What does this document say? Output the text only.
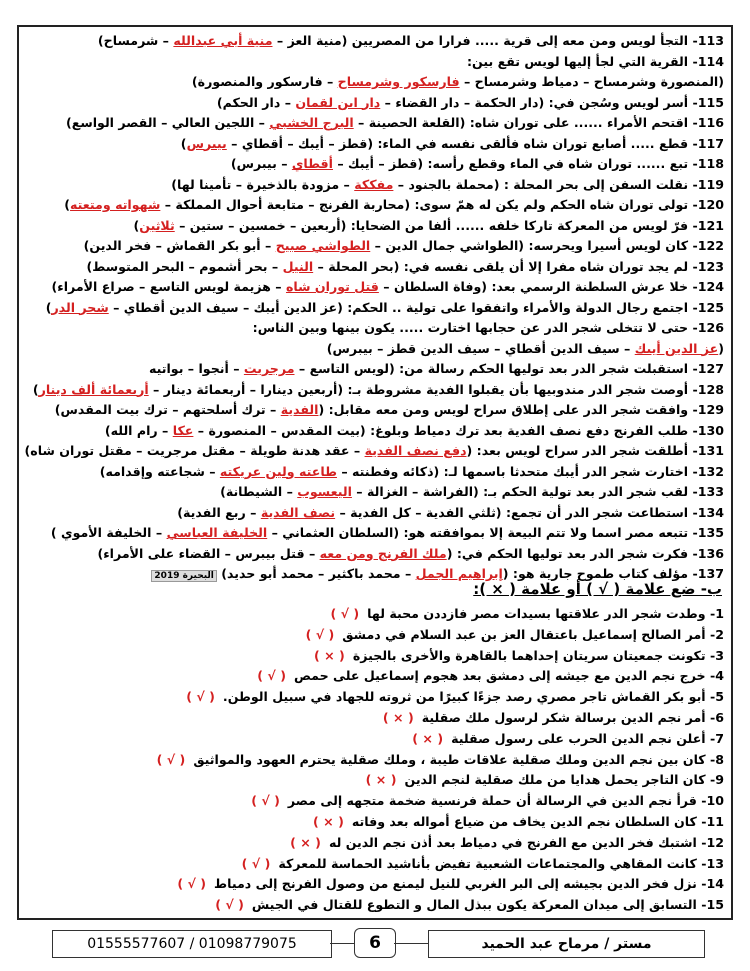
113- التجأ لويس ومن معه إلى قرية ..... فرارا من المصريين (منية العز – منية أبي عبدالله – شرمساح)
114- القرية التي لجأ إليها لويس تقع بين:
(المنصورة وشرمساح – دمياط وشرمساح – فارسكور وشرمساح – فارسكور والمنصورة)
115- أسر لويس وسُجن في: (دار الحكمة – دار القضاء – دار ابن لقمان – دار الحكم)
116- اقتحم الأمراء ...... على توران شاه: (القلعة الحصينة – البرج الخشبي – اللجين العالي – القصر الواسع)
117- قطع ..... أصابع توران شاه فألقى نفسه في الماء: (قطز – أيبك – أقطاي – بيبرس)
118- تبع ...... توران شاه في الماء وقطع رأسه: (قطز – أيبك – أقطاي – بيبرس)
119- نقلت السفن إلى بحر المحلة : (محملة بالجنود – مفككة – مزودة بالذخيرة – تأمينا لها)
120- تولى توران شاه الحكم ولم يكن له همّ سوى: (محاربة الفرنج – متابعة أحوال المملكة – شهواته ومتعته)
121- فرّ لويس من المعركة تاركا خلفه ...... ألفا من الضحايا: (أربعين – خمسين – ستين – ثلاثين)
122- كان لويس أسيرا ويحرسه: (الطواشي جمال الدين – الطواشي صبيح – أبو بكر القماش – فخر الدين)
123- لم يجد توران شاه مفرا إلا أن يلقى نفسه في: (بحر المحلة – النيل – بحر أشموم – البحر المتوسط)
124- خلا عرش السلطنة الرسمي بعد: (وفاة السلطان – قتل توران شاه – هزيمة لويس التاسع – صراع الأمراء)
125- اجتمع رجال الدولة والأمراء واتفقوا على تولية .. الحكم: (عز الدين أيبك – سيف الدين أقطاي – شجر الدر)
126- حتى لا تتخلى شجر الدر عن حجابها اختارت ..... يكون بينها وبين الناس:
(عز الدين أيبك – سيف الدين أقطاي – سيف الدين قطز – بيبرس)
127- استقبلت شجر الدر بعد توليها الحكم رسالة من: (لويس التاسع – مرجريت – أنجوا – بواتيه
128- أوصت شجر الدر مندوبيها بأن يقبلوا الفدية مشروطة بـ: (أربعين دينارا – أربعمائة دينار – أربعمائة ألف دينار)
129- وافقت شجر الدر على إطلاق سراح لويس ومن معه مقابل: (الفدية – ترك أسلحتهم – ترك بيت المقدس)
130- طلب الفرنج دفع نصف الفدية بعد ترك دمياط وبلوغ: (بيت المقدس – المنصورة – عكا – رام الله)
131- أطلقت شجر الدر سراح لويس بعد: (دفع نصف الفدية – عقد هدنة طويلة – مقتل مرجريت – مقتل توران شاه)
132- اختارت شجر الدر أيبك متحدثا باسمها لـ: (ذكائه وفطنته – طاعته ولين عريكته – شجاعته وإقدامه)
133- لقب شجر الدر بعد تولية الحكم بـ: (الفراشة – الغزالة – اليعسوب – الشيطانة)
134- استطاعت شجر الدر أن تجمع: (ثلثي الفدية – كل الفدية – نصف الفدية – ربع الفدية)
135- تتبعه مصر اسما ولا تتم البيعة إلا بموافقته هو: (السلطان العثماني – الخليفة العباسي – الخليفة الأموي )
136- فكرت شجر الدر بعد توليها الحكم في: (ملك الفرنج ومن معه – قتل بيبرس – القضاء على الأمراء)
137- مؤلف كتاب طموح جارية هو: (إبراهيم الجمل – محمد باكثير – محمد أبو حديد) البحيرة 2019
ب- ضع علامة ( √ ) أو علامة ( × ):
1- وطدت شجر الدر علاقتها بسيدات مصر فازددن محبة لها( √ )
2- أمر الصالح إسماعيل باعتقال العز بن عبد السلام في دمشق( √ )
3- تكونت جمعيتان سريتان إحداهما بالقاهرة والأخرى بالجيزة( × )
4- خرج نجم الدين مع جيشه إلى دمشق بعد هجوم إسماعيل على حمص( √ )
5- أبو بكر القماش تاجر مصري رصد جزءًا كبيرًا من ثروته للجهاد في سبيل الوطن.( √ )
6- أمر نجم الدين برسالة شكر لرسول ملك صقلية( × )
7- أعلن نجم الدين الحرب على رسول صقلية( × )
8- كان بين نجم الدين وملك صقلية علاقات طيبة ، وملك صقلية يحترم العهود والمواثيق( √ )
9- كان التاجر يحمل هدايا من ملك صقلية لنجم الدين( × )
10- قرأ نجم الدين في الرسالة أن حملة فرنسية ضخمة متجهه إلى مصر( √ )
11- كان السلطان نجم الدين يخاف من ضياع أمواله بعد وفاته( × )
12- اشتبك فخر الدين مع الفرنج في دمياط بعد أذن نجم الدين له( × )
13- كانت المقاهي والمجتماعات الشعبية تفيض بأناشيد الحماسة للمعركة( √ )
14- نزل فخر الدين بجيشه إلى البر الغربي للنيل ليمنع من وصول الفرنج إلى دمياط( √ )
15- التسابق إلى ميدان المعركة يكون ببذل المال و التطوع للقتال في الجيش( √ )
01555577607 / 01098779075	6	مستر / مرماح عبد الحميد
